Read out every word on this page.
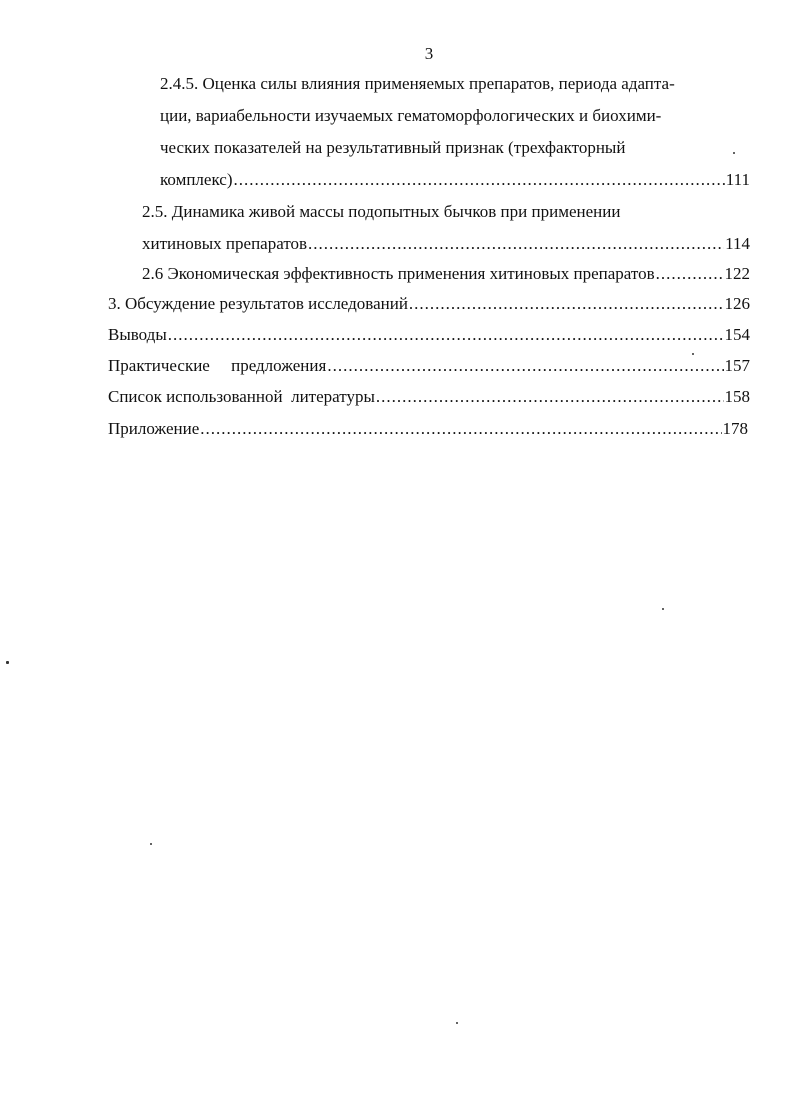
3
2.4.5. Оценка силы влияния применяемых препаратов, периода адапта-
ции, вариабельности изучаемых гематоморфологических и биохими-
ческих показателей на результативный признак (трехфакторный
комплекс) .....	111
2.5. Динамика живой массы подопытных бычков при применении
хитиновых препаратов .....	114
2.6 Экономическая эффективность применения хитиновых препаратов .....	122
3. Обсуждение результатов исследований .....	126
Выводы .....	154
Практические     предложения .....	157
Список использованной  литературы .....	158
Приложение .....	178
